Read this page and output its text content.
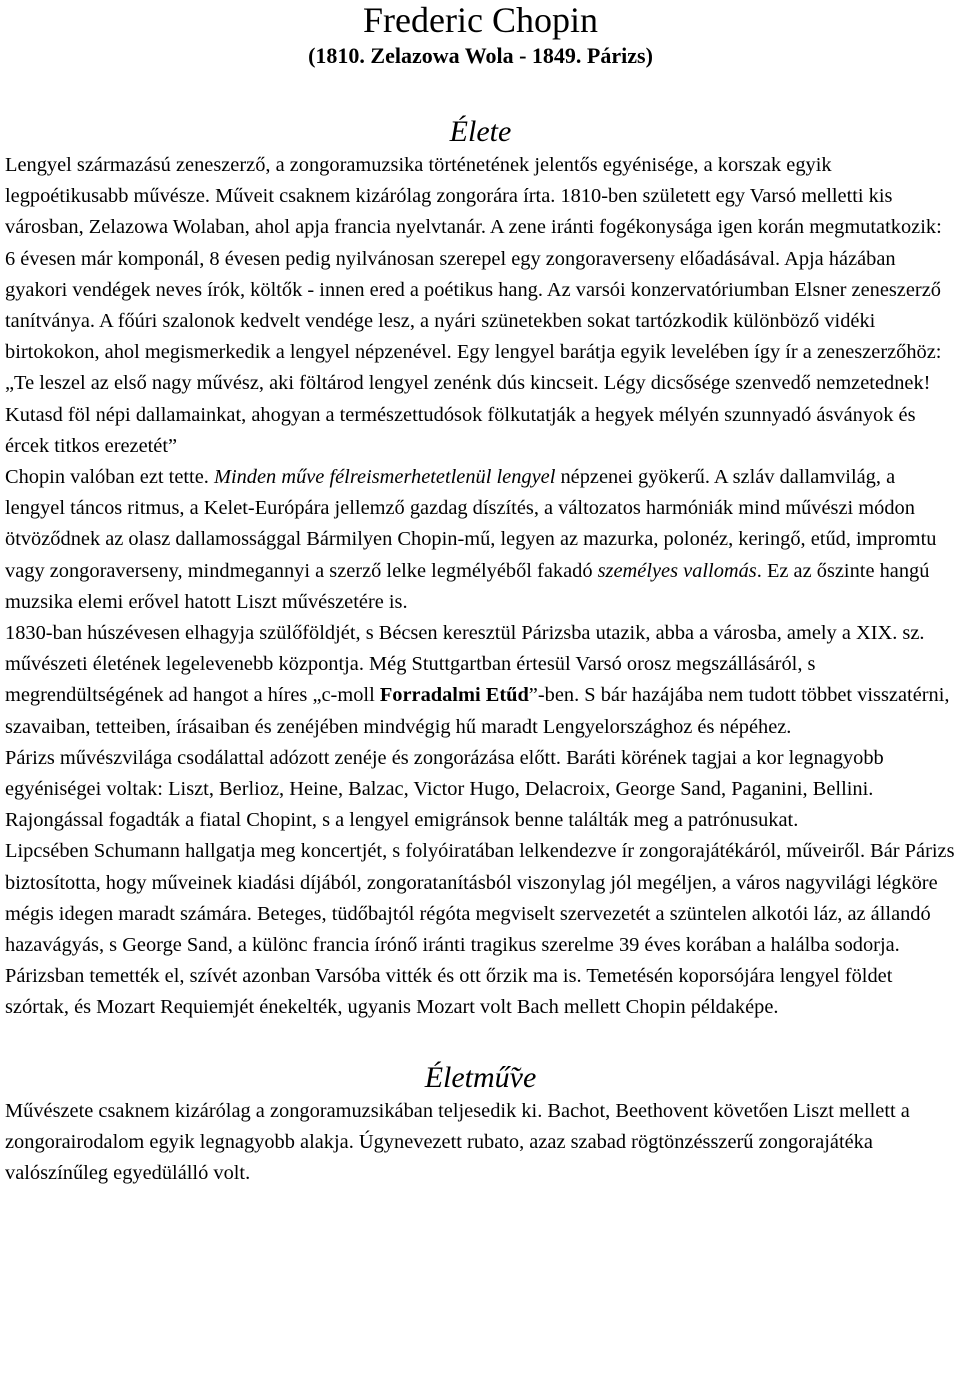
Frederic Chopin
(1810. Zelazowa Wola - 1849. Párizs)
Élete

Lengyel származású zeneszerző, a zongoramuzsika történetének jelentős egyénisége, a korszak egyik legpoétikusabb művésze. Műveit csaknem kizárólag zongorára írta. 1810-ben született egy Varsó melletti kis városban, Zelazowa Wolaban, ahol apja francia nyelvtanár. A zene iránti fogékonysága igen korán megmutatkozik: 6 évesen már komponál, 8 évesen pedig nyilvánosan szerepel egy zongoraverseny előadásával. Apja házában gyakori vendégek neves írók, költők - innen ered a poétikus hang. Az varsói konzervatóriumban Elsner zeneszerző tanítványa. A főúri szalonok kedvelt vendége lesz, a nyári szünetekben sokat tartózkodik különböző vidéki birtokokon, ahol megismerkedik a lengyel népzenével. Egy lengyel barátja egyik levelében így ír a zeneszerzőhöz: „Te leszel az első nagy művész, aki föltárod lengyel zenénk dús kincseit. Légy dicsősége szenvedő nemzetednek! Kutasd föl népi dallamainkat, ahogyan a természettudósok fölkutatják a hegyek mélyén szunnyadó ásványok és ércek titkos erezetét”

Chopin valóban ezt tette. Minden műve félreismerhetetlenül lengyel népzenei gyökerű. A szláv dallamvilág, a lengyel táncos ritmus, a Kelet-Európára jellemző gazdag díszítés, a változatos harmóniák mind művészi módon ötvöződnek az olasz dallamossággal Bármilyen Chopin-mű, legyen az mazurka, polonéz, keringő, etűd, impromtu vagy zongoraverseny, mindmegannyi a szerző lelke legmélyéből fakadó személyes vallomás. Ez az őszinte hangú muzsika elemi erővel hatott Liszt művészetére is.

1830-ban húszévesen elhagyja szülőföldjét, s Bécsen keresztül Párizsba utazik, abba a városba, amely a XIX. sz. művészeti életének legelevenebb központja. Még Stuttgartban értesül Varsó orosz megszállásáról, s megrendültségének ad hangot a híres „c-moll Forradalmi Etűd”-ben. S bár hazájába nem tudott többet visszatérni, szavaiban, tetteiben, írásaiban és zenéjében mindvégig hű maradt Lengyelországhoz és népéhez.

Párizs művészvilága csodálattal adózott zenéje és zongorázása előtt. Baráti körének tagjai a kor legnagyobb egyéniségei voltak: Liszt, Berlioz, Heine, Balzac, Victor Hugo, Delacroix, George Sand, Paganini, Bellini. Rajongással fogadták a fiatal Chopint, s a lengyel emigránsok benne találták meg a patrónusukat.

Lipcsében Schumann hallgatja meg koncertjét, s folyóiratában lelkendezve ír zongorajátékáról, műveiről. Bár Párizs biztosította, hogy műveinek kiadási díjából, zongoratanításból viszonylag jól megéljen, a város nagyvilági légköre mégis idegen maradt számára. Beteges, tüdőbajtól régóta megviselt szervezetét a szüntelen alkotói láz, az állandó hazavágyás, s George Sand, a különc francia írónő iránti tragikus szerelme 39 éves korában a halálba sodorja.

Párizsban temették el, szívét azonban Varsóba vitték és ott őrzik ma is. Temetésén koporsójára lengyel földet szórtak, és Mozart Requiemjét énekelték, ugyanis Mozart volt Bach mellett Chopin példaképe.

Életmű̃ve

Művészete csaknem kizárólag a zongoramuzsikában teljesedik ki. Bachot, Beethovent követően Liszt mellett a zongorairodalom egyik legnagyobb alakja. Úgynevezett rubato, azaz szabad rögtönzésszerű zongorajátéka valószínűleg egyedülálló volt.
